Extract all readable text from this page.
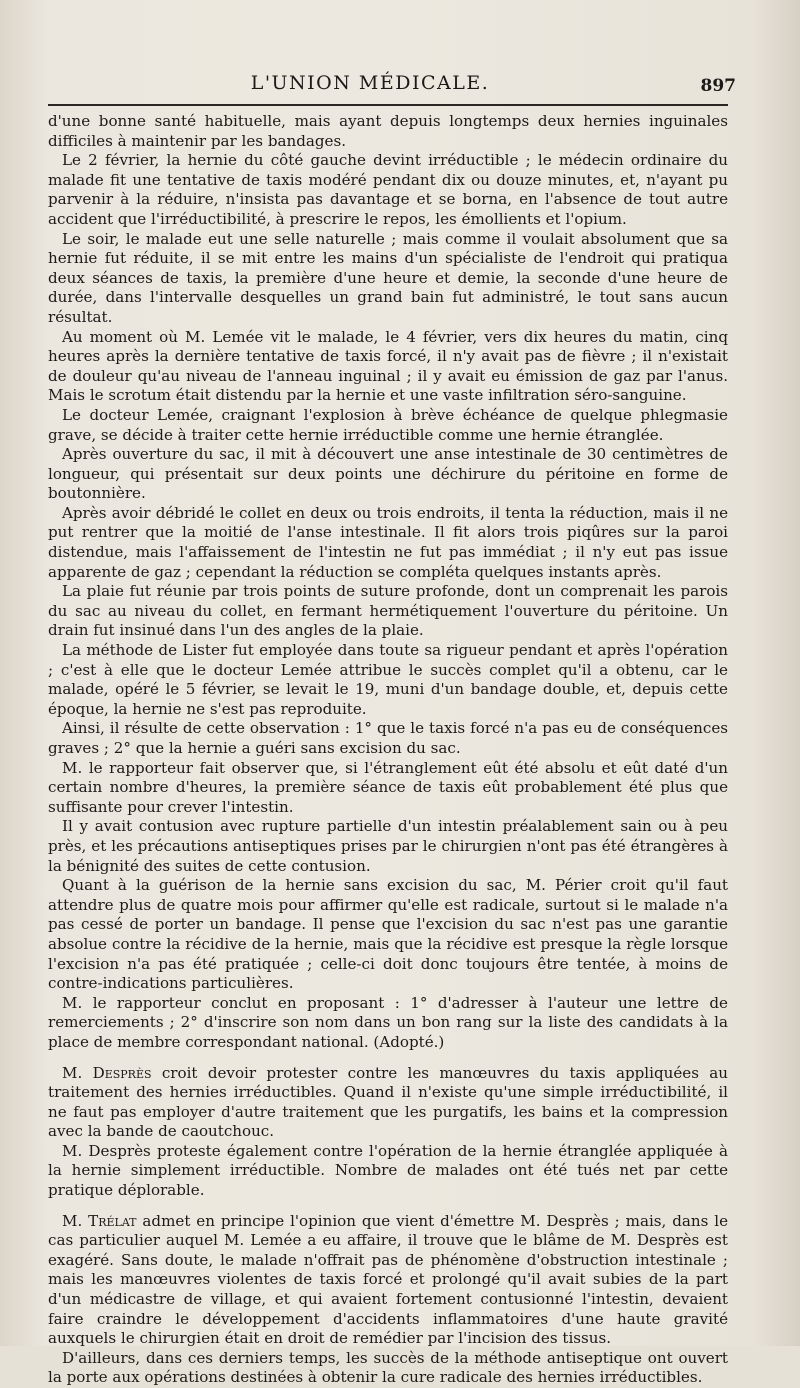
L'UNION MÉDICALE.	897

d'une bonne santé habituelle, mais ayant depuis longtemps deux hernies inguinales difficiles à maintenir par les bandages.

Le 2 février, la hernie du côté gauche devint irréductible ; le médecin ordinaire du malade fit une tentative de taxis modéré pendant dix ou douze minutes, et, n'ayant pu parvenir à la réduire, n'insista pas davantage et se borna, en l'absence de tout autre accident que l'irréductibilité, à prescrire le repos, les émollients et l'opium.

Le soir, le malade eut une selle naturelle ; mais comme il voulait absolument que sa hernie fut réduite, il se mit entre les mains d'un spécialiste de l'endroit qui pratiqua deux séances de taxis, la première d'une heure et demie, la seconde d'une heure de durée, dans l'intervalle desquelles un grand bain fut administré, le tout sans aucun résultat.

Au moment où M. Lemée vit le malade, le 4 février, vers dix heures du matin, cinq heures après la dernière tentative de taxis forcé, il n'y avait pas de fièvre ; il n'existait de douleur qu'au niveau de l'anneau inguinal ; il y avait eu émission de gaz par l'anus. Mais le scrotum était distendu par la hernie et une vaste infiltration séro-sanguine.

Le docteur Lemée, craignant l'explosion à brève échéance de quelque phlegmasie grave, se décide à traiter cette hernie irréductible comme une hernie étranglée.

Après ouverture du sac, il mit à découvert une anse intestinale de 30 centimètres de longueur, qui présentait sur deux points une déchirure du péritoine en forme de boutonnière.

Après avoir débridé le collet en deux ou trois endroits, il tenta la réduction, mais il ne put rentrer que la moitié de l'anse intestinale. Il fit alors trois piqûres sur la paroi distendue, mais l'affaissement de l'intestin ne fut pas immédiat ; il n'y eut pas issue apparente de gaz ; cependant la réduction se compléta quelques instants après.

La plaie fut réunie par trois points de suture profonde, dont un comprenait les parois du sac au niveau du collet, en fermant hermétiquement l'ouverture du péritoine. Un drain fut insinué dans l'un des angles de la plaie.

La méthode de Lister fut employée dans toute sa rigueur pendant et après l'opération ; c'est à elle que le docteur Lemée attribue le succès complet qu'il a obtenu, car le malade, opéré le 5 février, se levait le 19, muni d'un bandage double, et, depuis cette époque, la hernie ne s'est pas reproduite.

Ainsi, il résulte de cette observation : 1° que le taxis forcé n'a pas eu de conséquences graves ; 2° que la hernie a guéri sans excision du sac.

M. le rapporteur fait observer que, si l'étranglement eût été absolu et eût daté d'un certain nombre d'heures, la première séance de taxis eût probablement été plus que suffisante pour crever l'intestin.

Il y avait contusion avec rupture partielle d'un intestin préalablement sain ou à peu près, et les précautions antiseptiques prises par le chirurgien n'ont pas été étrangères à la bénignité des suites de cette contusion.

Quant à la guérison de la hernie sans excision du sac, M. Périer croit qu'il faut attendre plus de quatre mois pour affirmer qu'elle est radicale, surtout si le malade n'a pas cessé de porter un bandage. Il pense que l'excision du sac n'est pas une garantie absolue contre la récidive de la hernie, mais que la récidive est presque la règle lorsque l'excision n'a pas été pratiquée ; celle-ci doit donc toujours être tentée, à moins de contre-indications particulières.

M. le rapporteur conclut en proposant : 1° d'adresser à l'auteur une lettre de remerciements ; 2° d'inscrire son nom dans un bon rang sur la liste des candidats à la place de membre correspondant national. (Adopté.)

M. Desprès croit devoir protester contre les manœuvres du taxis appliquées au traitement des hernies irréductibles. Quand il n'existe qu'une simple irréductibilité, il ne faut pas employer d'autre traitement que les purgatifs, les bains et la compression avec la bande de caoutchouc.

M. Desprès proteste également contre l'opération de la hernie étranglée appliquée à la hernie simplement irréductible. Nombre de malades ont été tués net par cette pratique déplorable.

M. Trélat admet en principe l'opinion que vient d'émettre M. Desprès ; mais, dans le cas particulier auquel M. Lemée a eu affaire, il trouve que le blâme de M. Desprès est exagéré. Sans doute, le malade n'offrait pas de phénomène d'obstruction intestinale ; mais les manœuvres violentes de taxis forcé et prolongé qu'il avait subies de la part d'un médicastre de village, et qui avaient fortement contusionné l'intestin, devaient faire craindre le développement d'accidents inflammatoires d'une haute gravité auxquels le chirurgien était en droit de remédier par l'incision des tissus.

D'ailleurs, dans ces derniers temps, les succès de la méthode antiseptique ont ouvert la porte aux opérations destinées à obtenir la cure radicale des hernies irréductibles.
